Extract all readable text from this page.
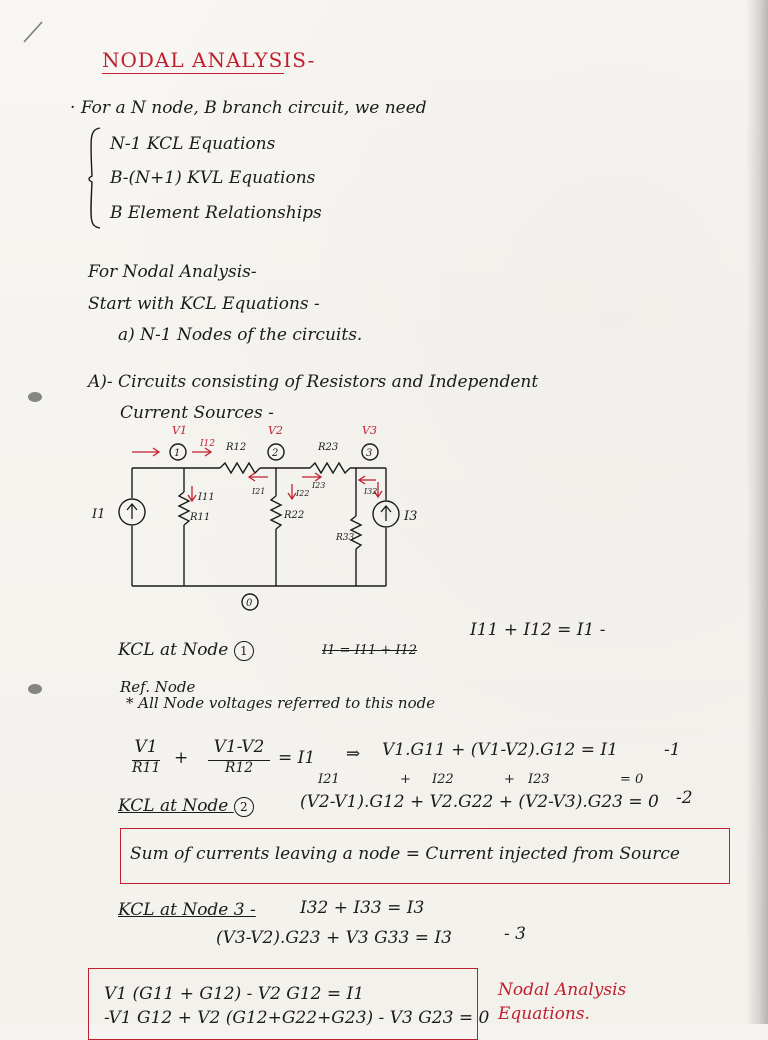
NODAL ANALYSIS-
· For a N node, B branch circuit, we need
N-1 KCL Equations
B-(N+1) KVL Equations
B Element Relationships
For Nodal Analysis-
Start with KCL Equations -
a) N-1 Nodes of the circuits.
A)- Circuits consisting of Resistors and Independent
Current Sources -
V1	V2	V3
1	2	3
0
R12	R23
R11	R22
R33
I12
I11
I21	I22
I23
I32
I1	I3
KCL at Node 1	I1 = I11 + I12
I11 + I12 = I1 -
Ref. Node
* All Node voltages referred to this node
V1
R11 +
V1-V2
R12	= I1 ⇒ V1.G11 + (V1-V2).G12 = I1	-1
I21	+ I22	+ I23	= 0
KCL at Node 2	(V2-V1).G12 + V2.G22 + (V2-V3).G23 = 0 -2
Sum of currents leaving a node = Current injected from Source
KCL at Node 3 -	I32 + I33 = I3
(V3-V2).G23 + V3 G33 = I3	- 3
V1 (G11 + G12) - V2 G12 = I1
-V1 G12 + V2 (G12+G22+G23) - V3 G23 = 0
Nodal Analysis
Equations.
